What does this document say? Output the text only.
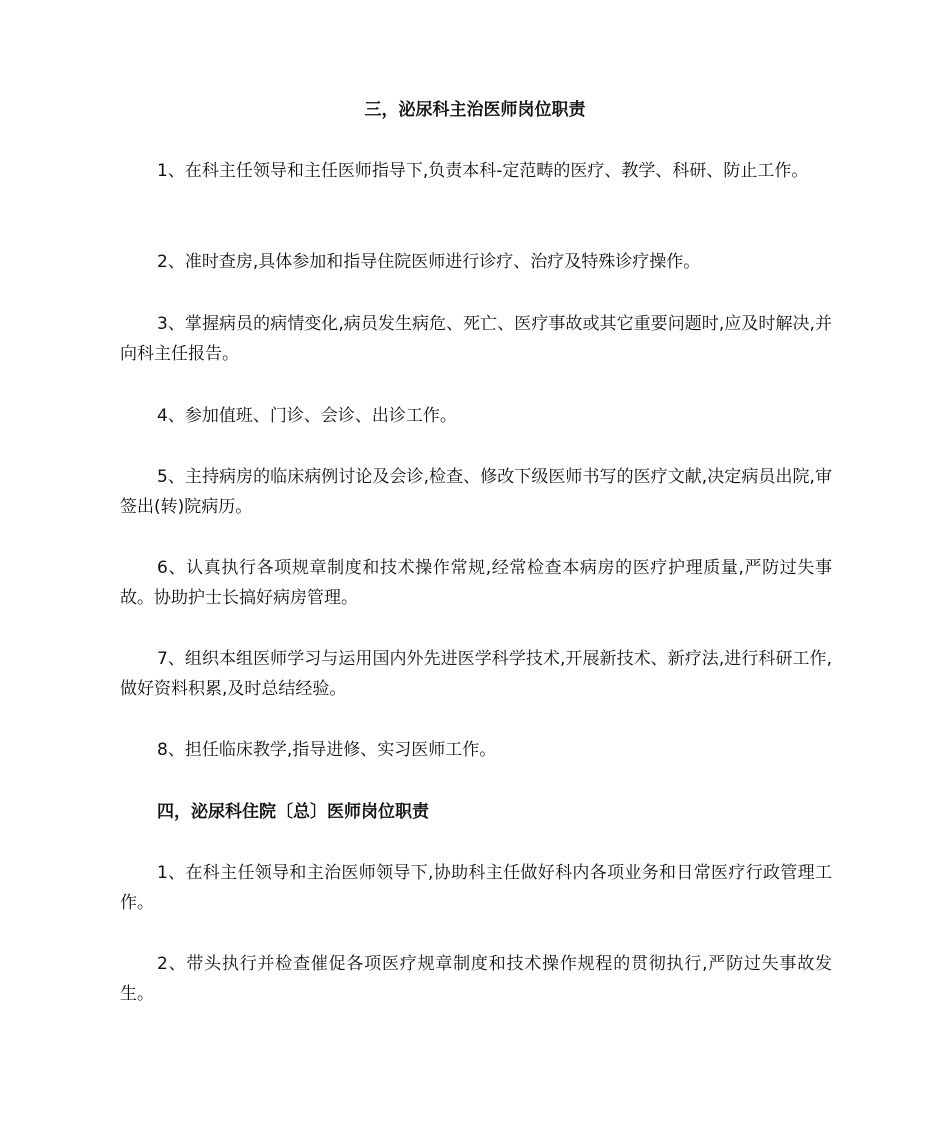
三，泌尿科主治医师岗位职责

1、在科主任领导和主任医师指导下,负责本科-定范畴的医疗、教学、科研、防止工作。

2、准时查房,具体参加和指导住院医师进行诊疗、治疗及特殊诊疗操作。

3、掌握病员的病情变化,病员发生病危、死亡、医疗事故或其它重要问题时,应及时解决,并向科主任报告。

4、参加值班、门诊、会诊、出诊工作。

5、主持病房的临床病例讨论及会诊,检查、修改下级医师书写的医疗文献,决定病员出院,审签出(转)院病历。

6、认真执行各项规章制度和技术操作常规,经常检查本病房的医疗护理质量,严防过失事故。协助护士长搞好病房管理。

7、组织本组医师学习与运用国内外先进医学科学技术,开展新技术、新疗法,进行科研工作,做好资料积累,及时总结经验。

8、担任临床教学,指导进修、实习医师工作。

四，泌尿科住院〔总〕医师岗位职责

1、在科主任领导和主治医师领导下,协助科主任做好科内各项业务和日常医疗行政管理工作。

2、带头执行并检查催促各项医疗规章制度和技术操作规程的贯彻执行,严防过失事故发生。
